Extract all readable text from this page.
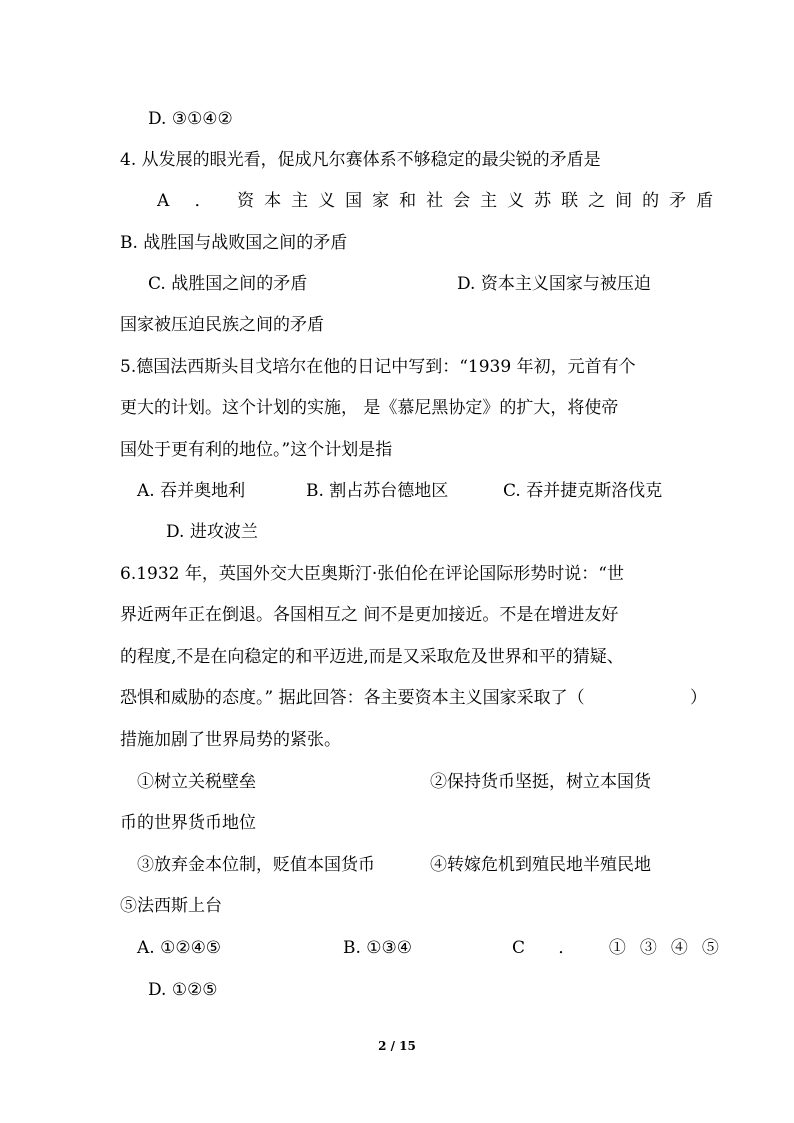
D. ③①④②
4. 从发展的眼光看，促成凡尔赛体系不够稳定的最尖锐的矛盾是
A ． 资本主义国家和社会主义苏联之间的矛盾
B. 战胜国与战败国之间的矛盾
C. 战胜国之间的矛盾	D. 资本主义国家与被压迫
国家被压迫民族之间的矛盾
5.德国法西斯头目戈培尔在他的日记中写到：“1939 年初，元首有个
更大的计划。这个计划的实施， 是《慕尼黑协定》的扩大，将使帝
国处于更有利的地位。”这个计划是指
A. 吞并奥地利	B. 割占苏台德地区	C. 吞并捷克斯洛伐克
D. 进攻波兰
6.1932 年，英国外交大臣奥斯汀·张伯伦在评论国际形势时说：“世
界近两年正在倒退。各国相互之 间不是更加接近。不是在增进友好
的程度,不是在向稳定的和平迈进,而是又采取危及世界和平的猜疑、
恐惧和威胁的态度。” 据此回答：各主要资本主义国家采取了（	）
措施加剧了世界局势的紧张。
①树立关税壁垒	②保持货币坚挺，树立本国货
币的世界货币地位
③放弃金本位制，贬值本国货币	④转嫁危机到殖民地半殖民地
⑤法西斯上台
A. ①②④⑤	B. ①③④	C ． ①③④⑤
D. ①②⑤
2 / 15
